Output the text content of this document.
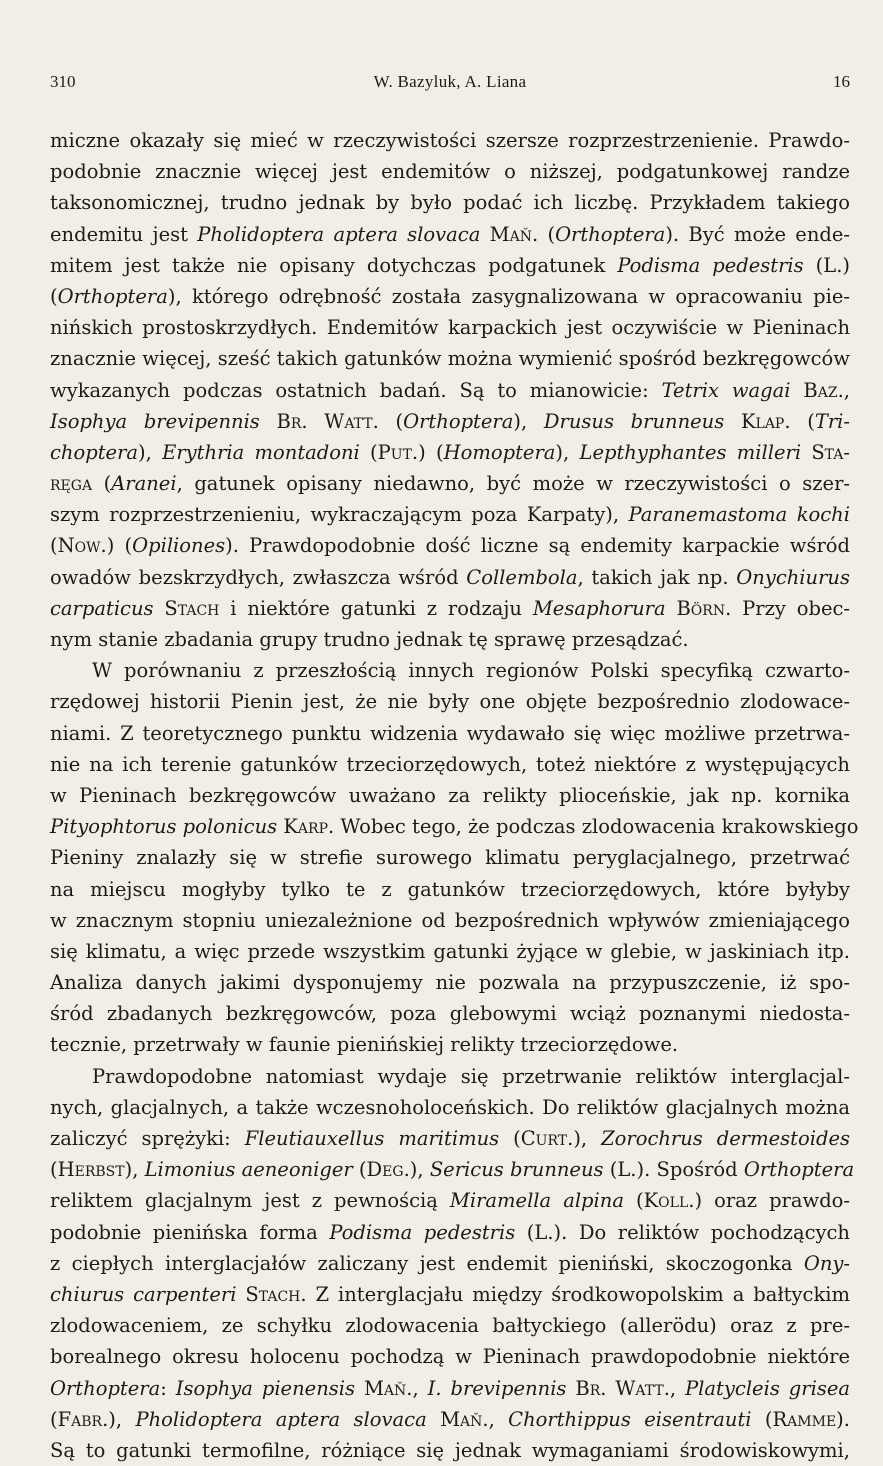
310	W. Bazyluk, A. Liana	16
miczne okazały się mieć w rzeczywistości szersze rozprzestrzenienie. Prawdo-
podobnie znacznie więcej jest endemitów o niższej, podgatunkowej randze
taksonomicznej, trudno jednak by było podać ich liczbę. Przykładem takiego
endemitu jest Pholidoptera aptera slovaca Maň. (Orthoptera). Być może ende-
mitem jest także nie opisany dotychczas podgatunek Podisma pedestris (L.)
(Orthoptera), którego odrębność została zasygnalizowana w opracowaniu pie-
nińskich prostoskrzydłych. Endemitów karpackich jest oczywiście w Pieninach
znacznie więcej, sześć takich gatunków można wymienić spośród bezkręgowców
wykazanych podczas ostatnich badań. Są to mianowicie: Tetrix wagai Baz.,
Isophya brevipennis Br. Watt. (Orthoptera), Drusus brunneus Klap. (Tri-
choptera), Erythria montadoni (Put.) (Homoptera), Lepthyphantes milleri Sta-
ręga (Aranei, gatunek opisany niedawno, być może w rzeczywistości o szer-
szym rozprzestrzenieniu, wykraczającym poza Karpaty), Paranemastoma kochi
(Now.) (Opiliones). Prawdopodobnie dość liczne są endemity karpackie wśród
owadów bezskrzydłych, zwłaszcza wśród Collembola, takich jak np. Onychiurus
carpaticus Stach i niektóre gatunki z rodzaju Mesaphorura Börn. Przy obec-
nym stanie zbadania grupy trudno jednak tę sprawę przesądzać.
W porównaniu z przeszłością innych regionów Polski specyfiką czwarto-
rzędowej historii Pienin jest, że nie były one objęte bezpośrednio zlodowace-
niami. Z teoretycznego punktu widzenia wydawało się więc możliwe przetrwa-
nie na ich terenie gatunków trzeciorzędowych, toteż niektóre z występujących
w Pieninach bezkręgowców uważano za relikty plioceńskie, jak np. kornika
Pityophtorus polonicus Karp. Wobec tego, że podczas zlodowacenia krakowskiego
Pieniny znalazły się w strefie surowego klimatu peryglacjalnego, przetrwać
na miejscu mogłyby tylko te z gatunków trzeciorzędowych, które byłyby
w znacznym stopniu uniezależnione od bezpośrednich wpływów zmieniającego
się klimatu, a więc przede wszystkim gatunki żyjące w glebie, w jaskiniach itp.
Analiza danych jakimi dysponujemy nie pozwala na przypuszczenie, iż spo-
śród zbadanych bezkręgowców, poza glebowymi wciąż poznanymi niedosta-
tecznie, przetrwały w faunie pienińskiej relikty trzeciorzędowe.
Prawdopodobne natomiast wydaje się przetrwanie reliktów interglacjal-
nych, glacjalnych, a także wczesnoholoceńskich. Do reliktów glacjalnych można
zaliczyć sprężyki: Fleutiauxellus maritimus (Curt.), Zorochrus dermestoides
(Herbst), Limonius aeneoniger (Deg.), Sericus brunneus (L.). Spośród Orthoptera
reliktem glacjalnym jest z pewnością Miramella alpina (Koll.) oraz prawdo-
podobnie pienińska forma Podisma pedestris (L.). Do reliktów pochodzących
z ciepłych interglacjałów zaliczany jest endemit pieniński, skoczogonka Ony-
chiurus carpenteri Stach. Z interglacjału między środkowopolskim a bałtyckim
zlodowaceniem, ze schyłku zlodowacenia bałtyckiego (allerödu) oraz z pre-
borealnego okresu holocenu pochodzą w Pieninach prawdopodobnie niektóre
Orthoptera: Isophya pienensis Maň., I. brevipennis Br. Watt., Platycleis grisea
(Fabr.), Pholidoptera aptera slovaca Maň., Chorthippus eisentrauti (Ramme).
Są to gatunki termofilne, różniące się jednak wymaganiami środowiskowymi,
